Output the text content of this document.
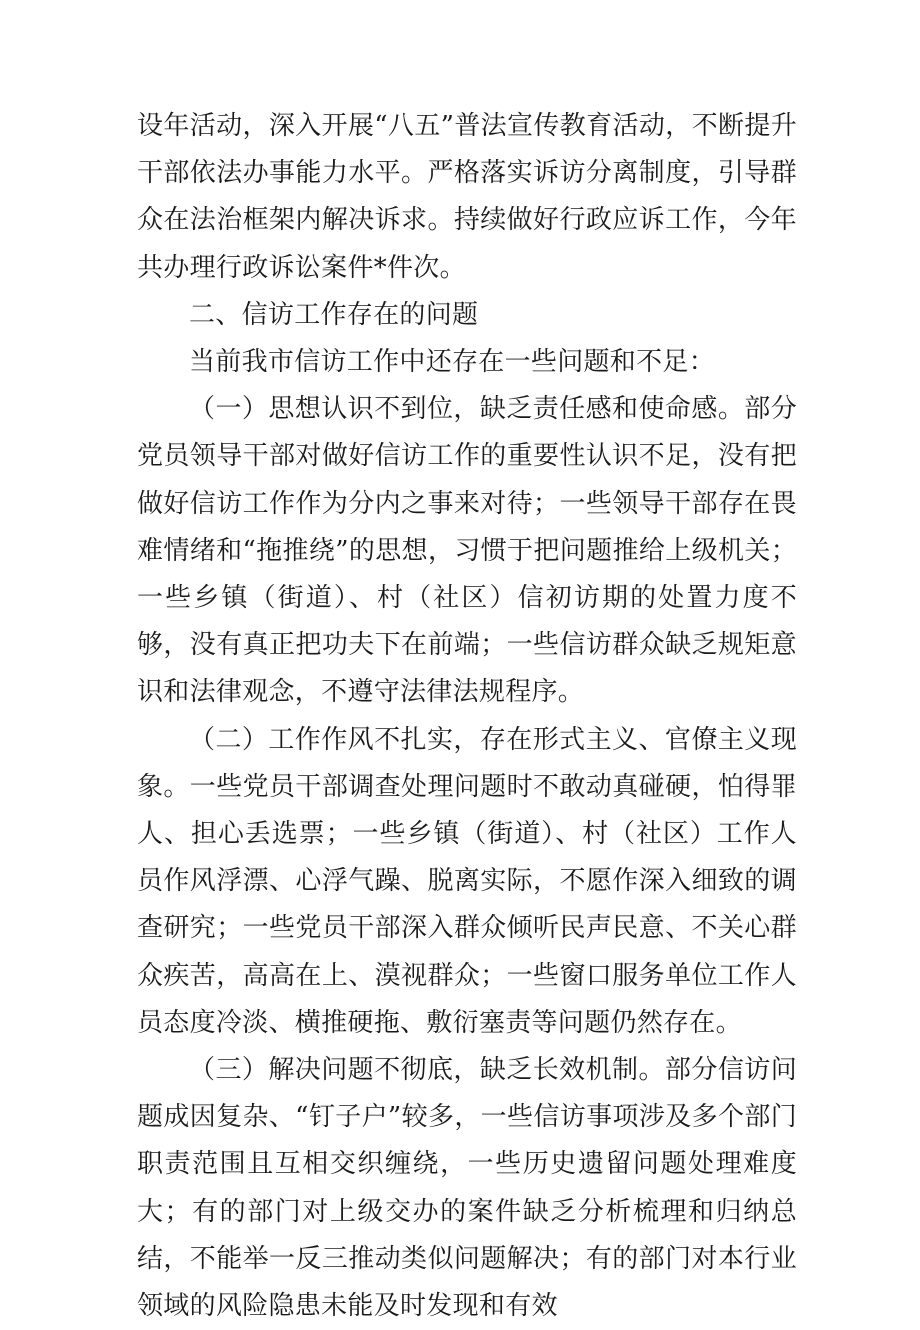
设年活动，深入开展“八五”普法宣传教育活动，不断提升干部依法办事能力水平。严格落实诉访分离制度，引导群众在法治框架内解决诉求。持续做好行政应诉工作，今年共办理行政诉讼案件*件次。

二、信访工作存在的问题

当前我市信访工作中还存在一些问题和不足：

（一）思想认识不到位，缺乏责任感和使命感。部分党员领导干部对做好信访工作的重要性认识不足，没有把做好信访工作作为分内之事来对待；一些领导干部存在畏难情绪和“拖推绕”的思想，习惯于把问题推给上级机关；一些乡镇（街道）、村（社区）信初访期的处置力度不够，没有真正把功夫下在前端；一些信访群众缺乏规矩意识和法律观念，不遵守法律法规程序。

（二）工作作风不扎实，存在形式主义、官僚主义现象。一些党员干部调查处理问题时不敢动真碰硬，怕得罪人、担心丢选票；一些乡镇（街道）、村（社区）工作人员作风浮漂、心浮气躁、脱离实际，不愿作深入细致的调查研究；一些党员干部深入群众倾听民声民意、不关心群众疾苦，高高在上、漠视群众；一些窗口服务单位工作人员态度冷淡、横推硬拖、敷衍塞责等问题仍然存在。

（三）解决问题不彻底，缺乏长效机制。部分信访问题成因复杂、“钉子户”较多，一些信访事项涉及多个部门职责范围且互相交织缠绕，一些历史遗留问题处理难度大；有的部门对上级交办的案件缺乏分析梳理和归纳总结，不能举一反三推动类似问题解决；有的部门对本行业领域的风险隐患未能及时发现和有效
